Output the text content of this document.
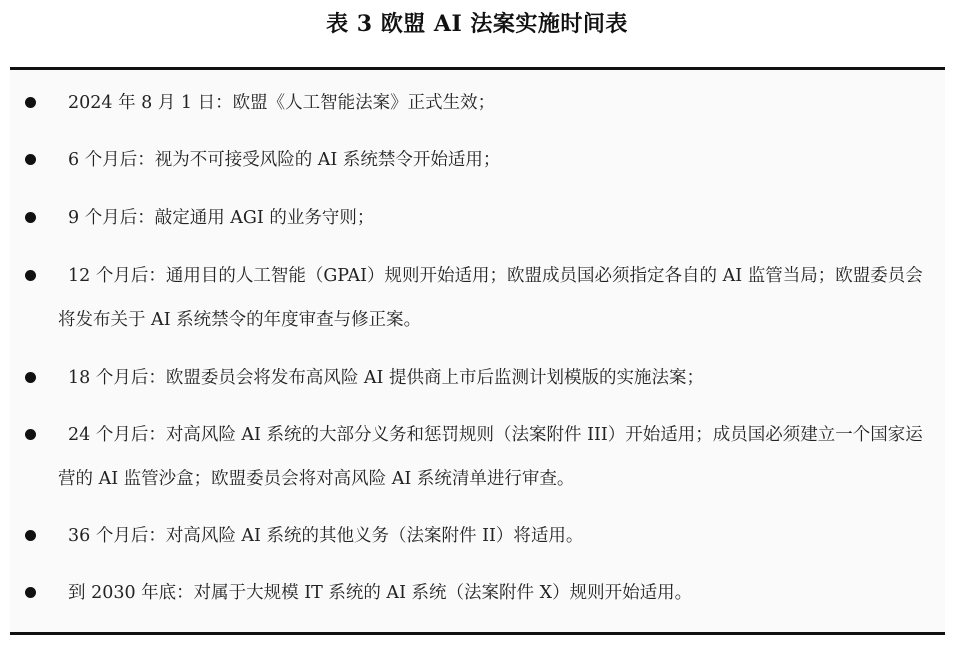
表 3 欧盟 AI 法案实施时间表

2024 年 8 月 1 日：欧盟《人工智能法案》正式生效；

6 个月后：视为不可接受风险的 AI 系统禁令开始适用；

9 个月后：敲定通用 AGI 的业务守则；

12 个月后：通用目的人工智能（GPAI）规则开始适用；欧盟成员国必须指定各自的 AI 监管当局；欧盟委员会将发布关于 AI 系统禁令的年度审查与修正案。

18 个月后：欧盟委员会将发布高风险 AI 提供商上市后监测计划模版的实施法案；

24 个月后：对高风险 AI 系统的大部分义务和惩罚规则（法案附件 III）开始适用；成员国必须建立一个国家运营的 AI 监管沙盒；欧盟委员会将对高风险 AI 系统清单进行审查。

36 个月后：对高风险 AI 系统的其他义务（法案附件 II）将适用。

到 2030 年底：对属于大规模 IT 系统的 AI 系统（法案附件 X）规则开始适用。
